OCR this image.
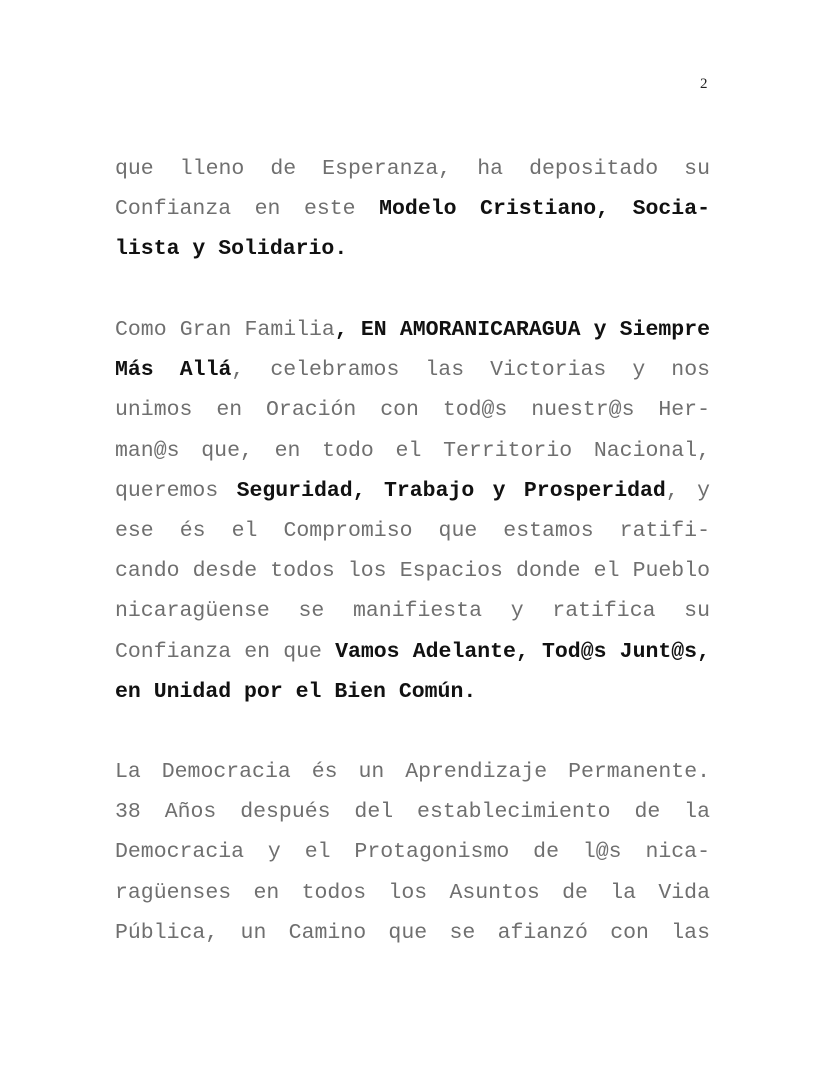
2
que lleno de Esperanza, ha depositado su
Confianza en este Modelo Cristiano, Socia-
lista y Solidario.
Como Gran Familia, EN AMORANICARAGUA y Siempre
Más Allá, celebramos las Victorias y nos
unimos en Oración con tod@s nuestr@s Her-
man@s que, en todo el Territorio Nacional,
queremos Seguridad, Trabajo y Prosperidad, y
ese és el Compromiso que estamos ratifi-
cando desde todos los Espacios donde el Pueblo
nicaragüense se manifiesta y ratifica su
Confianza en que Vamos Adelante, Tod@s Junt@s,
en Unidad por el Bien Común.
La Democracia és un Aprendizaje Permanente.
38 Años después del establecimiento de la
Democracia y el Protagonismo de l@s nica-
ragüenses en todos los Asuntos de la Vida
Pública, un Camino que se afianzó con las
